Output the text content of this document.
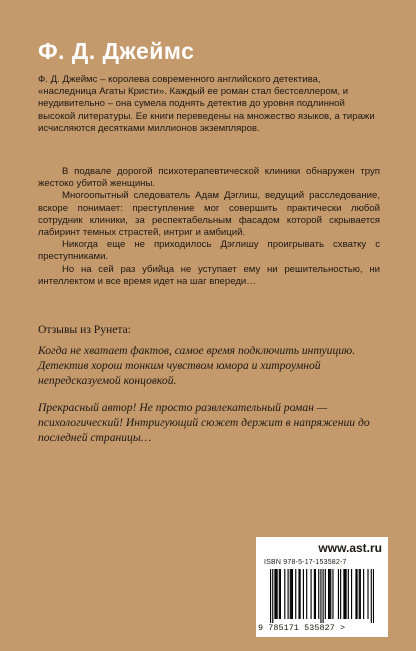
Ф. Д. Джеймс

Ф. Д. Джеймс – королева современного английского детектива, «наследница Агаты Кристи». Каждый ее роман стал бестселлером, и неудивительно – она сумела поднять детектив до уровня подлинной высокой литературы. Ее книги переведены на множество языков, а тиражи исчисляются десятками миллионов экземпляров.

В подвале дорогой психотерапевтической клиники обнаружен труп жестоко убитой женщины.

Многоопытный следователь Адам Дэглиш, ведущий расследование, вскоре понимает: преступление мог совершить практически любой сотрудник клиники, за респектабельным фасадом которой скрывается лабиринт темных страстей, интриг и амбиций.

Никогда еще не приходилось Дэглишу проигрывать схватку с преступниками.

Но на сей раз убийца не уступает ему ни решительностью, ни интеллектом и все время идет на шаг впереди…

Отзывы из Рунета:

Когда не хватает фактов, самое время подключить интуицию. Детектив хорош тонким чувством юмора и хитроумной непредсказуемой концовкой.

Прекрасный автор! Не просто развлекательный роман — психологический! Интригующий сюжет держит в напряжении до последней страницы…

www.ast.ru
ISBN 978-5-17-153582-7
9 785171 535827 >
